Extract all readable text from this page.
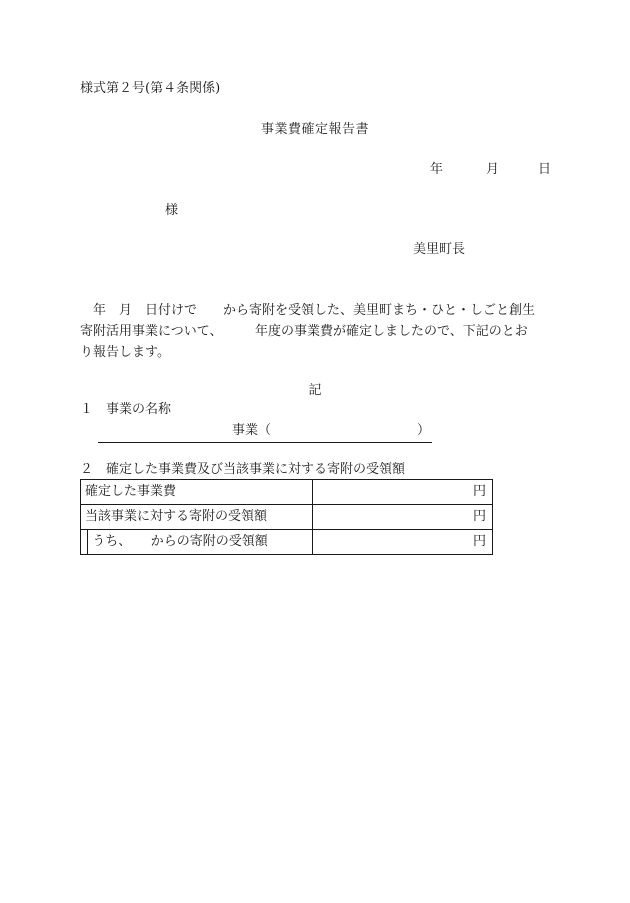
様式第２号(第４条関係)
事業費確定報告書
年	月	日
様
美里町長

　年　月　日付けで　　から寄附を受領した、美里町まち・ひと・しごと創生

寄附活用事業について、　　　年度の事業費が確定しましたので、下記のとお

り報告します。

記
１ 事業の名称
事業（	）
２ 確定した事業費及び当該事業に対する寄附の受領額
確定した事業費		円
当該事業に対する寄附の受領額		円
	うち、　　からの寄附の受領額	円
